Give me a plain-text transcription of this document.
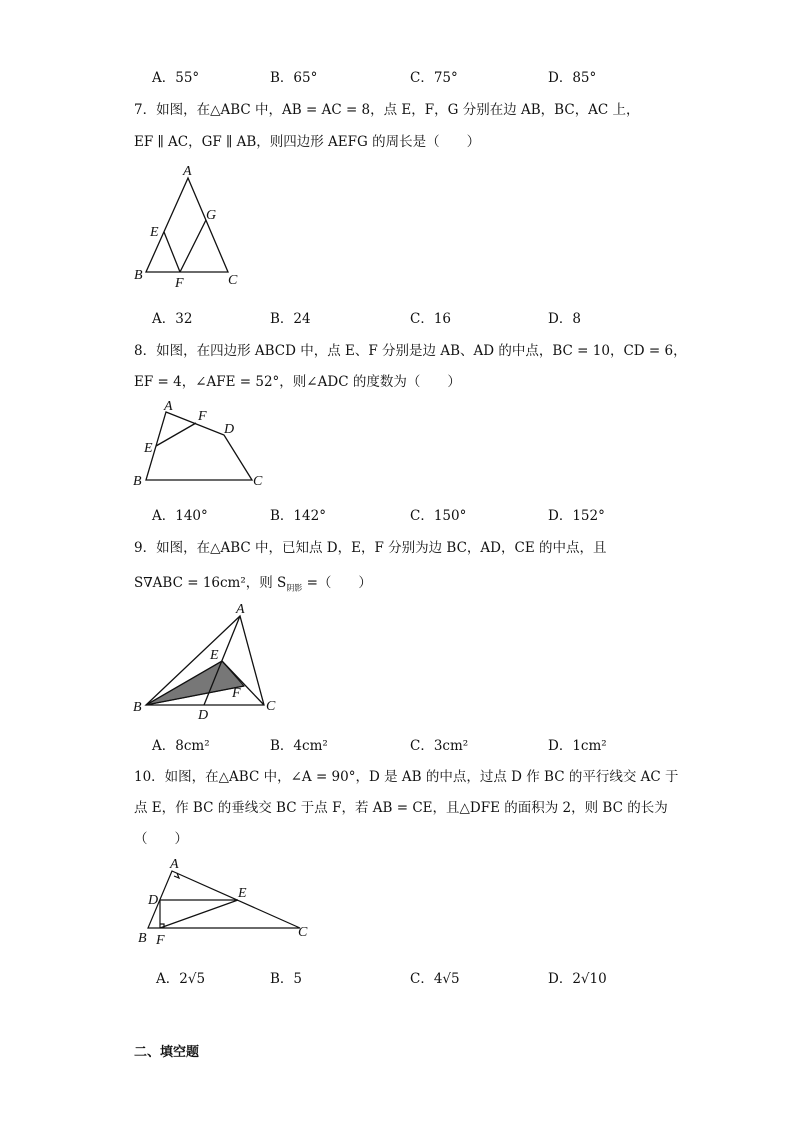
A．55°	B．65°	C．75°	D．85°
7．如图，在△ABC 中，AB = AC = 8，点 E，F，G 分别在边 AB，BC，AC 上，
EF ∥ AC，GF ∥ AB，则四边形 AEFG 的周长是（　　）
A
B	C
E
F
G
A．32	B．24	C．16	D．8
8．如图，在四边形 ABCD 中，点 E、F 分别是边 AB、AD 的中点，BC = 10，CD = 6，
EF = 4，∠AFE = 52°，则∠ADC 的度数为（　　）
A
F
D
E
B	C
A．140°	B．142°	C．150°	D．152°
9．如图，在△ABC 中，已知点 D，E，F 分别为边 BC，AD，CE 的中点，且
S∇ABC = 16cm²，则 $S_{阴影}$ =（　　）
A
E
F
B
D
C
A．8cm²	B．4cm²	C．3cm²	D．1cm²
10．如图，在△ABC 中，∠A = 90°，D 是 AB 的中点，过点 D 作 BC 的平行线交 AC 于
点 E，作 BC 的垂线交 BC 于点 F，若 AB = CE，且△DFE 的面积为 2，则 BC 的长为
（　　）
A
D	E
B F
C
A．2√5	B．5	C．4√5	D．2√10
二、填空题
